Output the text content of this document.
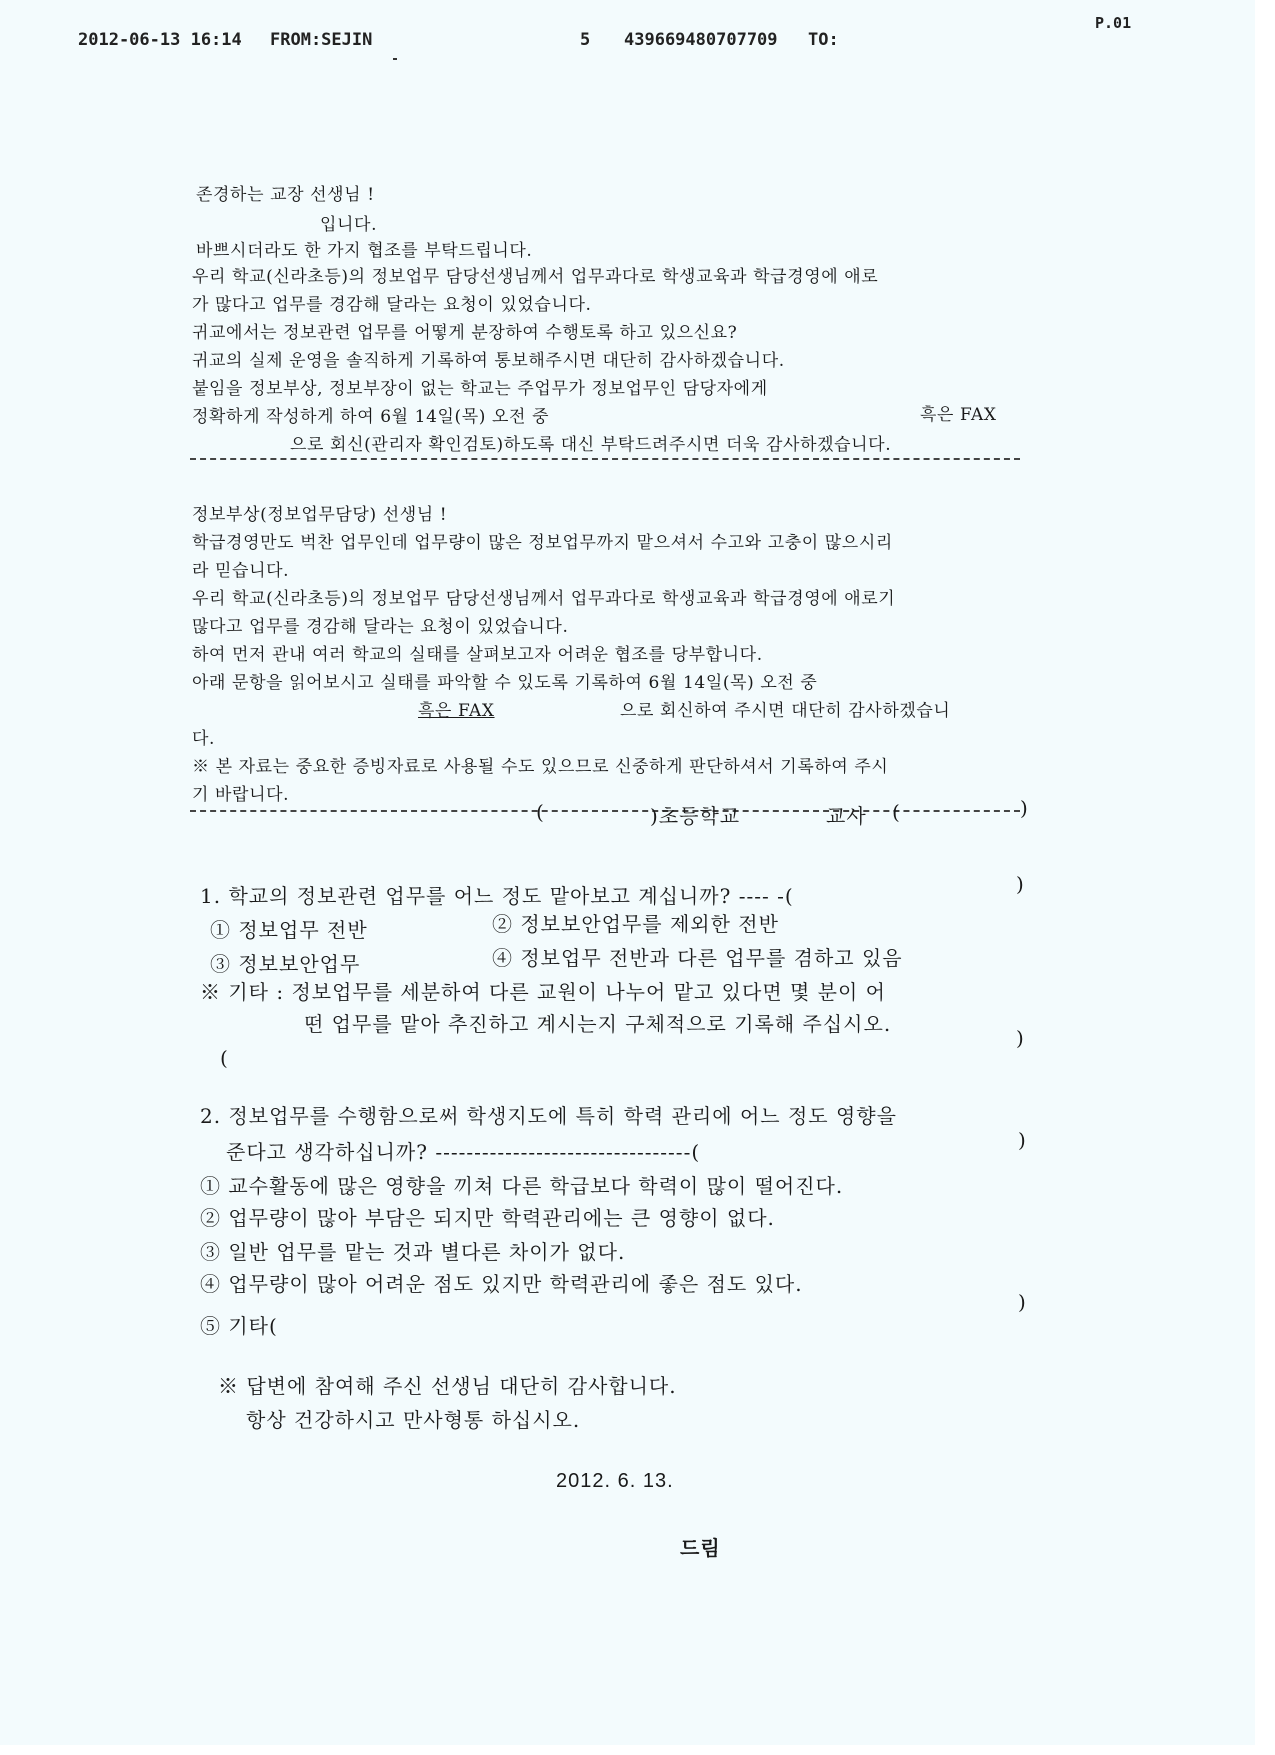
2012-06-13 16:14 FROM:SEJIN	5 439669480707709 TO:
P.01
존경하는 교장 선생님 !
입니다.
바쁘시더라도 한 가지 협조를 부탁드립니다.
우리 학교(신라초등)의 정보업무 담당선생님께서 업무과다로 학생교육과 학급경영에 애로
가 많다고 업무를 경감해 달라는 요청이 있었습니다.
귀교에서는 정보관련 업무를 어떻게 분장하여 수행토록 하고 있으신요?
귀교의 실제 운영을 솔직하게 기록하여 통보해주시면 대단히 감사하겠습니다.
붙임을 정보부상, 정보부장이 없는 학교는 주업무가 정보업무인 담당자에게
정확하게 작성하게 하여 6월 14일(목) 오전 중	흑은 FAX
으로 회신(관리자 확인검토)하도록 대신 부탁드려주시면 더욱 감사하겠습니다.
정보부상(정보업무담당) 선생님 !
학급경영만도 벅찬 업무인데 업무량이 많은 정보업무까지 맡으셔서 수고와 고충이 많으시리
라 믿습니다.
우리 학교(신라초등)의 정보업무 담당선생님께서 업무과다로 학생교육과 학급경영에 애로기
많다고 업무를 경감해 달라는 요청이 있었습니다.
하여 먼저 관내 여러 학교의 실태를 살펴보고자 어려운 협조를 당부합니다.
아래 문항을 읽어보시고 실태를 파악할 수 있도록 기록하여 6월 14일(목) 오전 중
흑은 FAX	으로 회신하여 주시면 대단히 감사하겠습니
다.
※ 본 자료는 중요한 증빙자료로 사용될 수도 있으므로 신중하게 판단하셔서 기록하여 주시
기 바랍니다.
(	)초등학교	교사 (	)
1. 학교의 정보관련 업무를 어느 정도 맡아보고 계십니까? ---- -(	)
① 정보업무 전반	② 정보보안업무를 제외한 전반
③ 정보보안업무	④ 정보업무 전반과 다른 업무를 겸하고 있음
※ 기타 : 정보업무를 세분하여 다른 교원이 나누어 맡고 있다면 몇 분이 어
떤 업무를 맡아 추진하고 계시는지 구체적으로 기록해 주십시오.
(
)
2. 정보업무를 수행함으로써 학생지도에 특히 학력 관리에 어느 정도 영향을
준다고 생각하십니까? ---------------------------------(	)
① 교수활동에 많은 영향을 끼쳐 다른 학급보다 학력이 많이 떨어진다.
② 업무량이 많아 부담은 되지만 학력관리에는 큰 영향이 없다.
③ 일반 업무를 맡는 것과 별다른 차이가 없다.
④ 업무량이 많아 어려운 점도 있지만 학력관리에 좋은 점도 있다.
⑤ 기타(
)
※ 답변에 참여해 주신 선생님 대단히 감사합니다.
항상 건강하시고 만사형통 하십시오.
2012. 6. 13.
드림
